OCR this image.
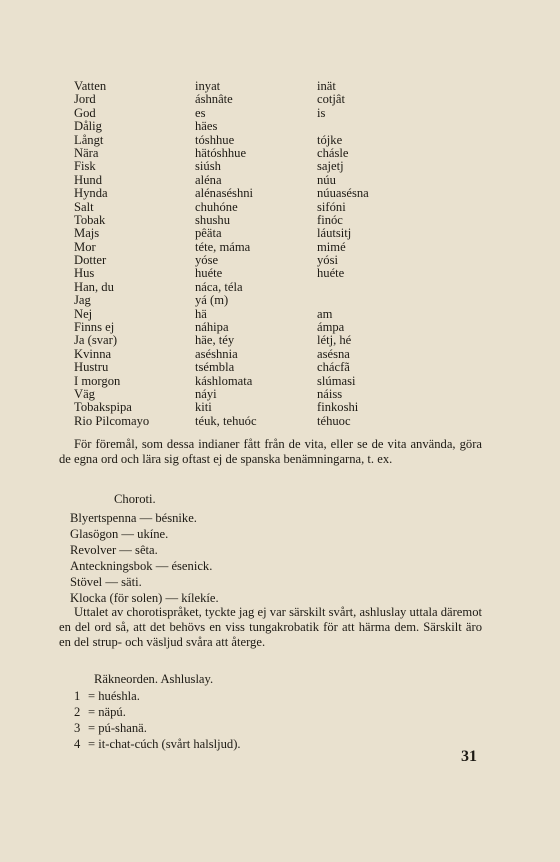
Vatten	inyat	inät
Jord	áshnâte	cotjât
God	es	is
Dålig	häes
Långt	tóshhue	tójke
Nära	hätóshhue	chásle
Fisk	siúsh	sajetj
Hund	aléna	núu
Hynda	alénaséshni	núuasésna
Salt	chuhóne	sifóni
Tobak	shushu	finóc
Majs	pêäta	láutsitj
Mor	téte, máma	mimé
Dotter	yóse	yósi
Hus	huéte	huéte
Han, du	náca, téla
Jag	yá (m)
Nej	hä	am
Finns ej	náhipa	ámpa
Ja (svar)	häe, téy	létj, hé
Kvinna	aséshnia	asésna
Hustru	tsémbla	chácfã
I morgon	káshlomata	slúmasi
Väg	náyi	náiss
Tobakspipa	kiti	finkoshi
Rio Pilcomayo	téuk, tehuóc	téhuoc

För föremål, som dessa indianer fått från de vita, eller se de vita använda, göra de egna ord och lära sig oftast ej de spanska benämningarna, t. ex.

Choroti.

Blyertspenna — bésnike.
Glasögon — ukíne.
Revolver — sêta.
Anteckningsbok — ésenick.
Stövel — säti.
Klocka (för solen) — kílekíe.

Uttalet av chorotispråket, tyckte jag ej var särskilt svårt, ashluslay uttala däremot en del ord så, att det behövs en viss tungakrobatik för att härma dem. Särskilt äro en del strup- och väsljud svåra att återge.

Räkneorden. Ashluslay.

1 = huéshla.
2 = näpú.
3 = pú-shanä.
4 = it-chat-cúch (svårt halsljud).
31
